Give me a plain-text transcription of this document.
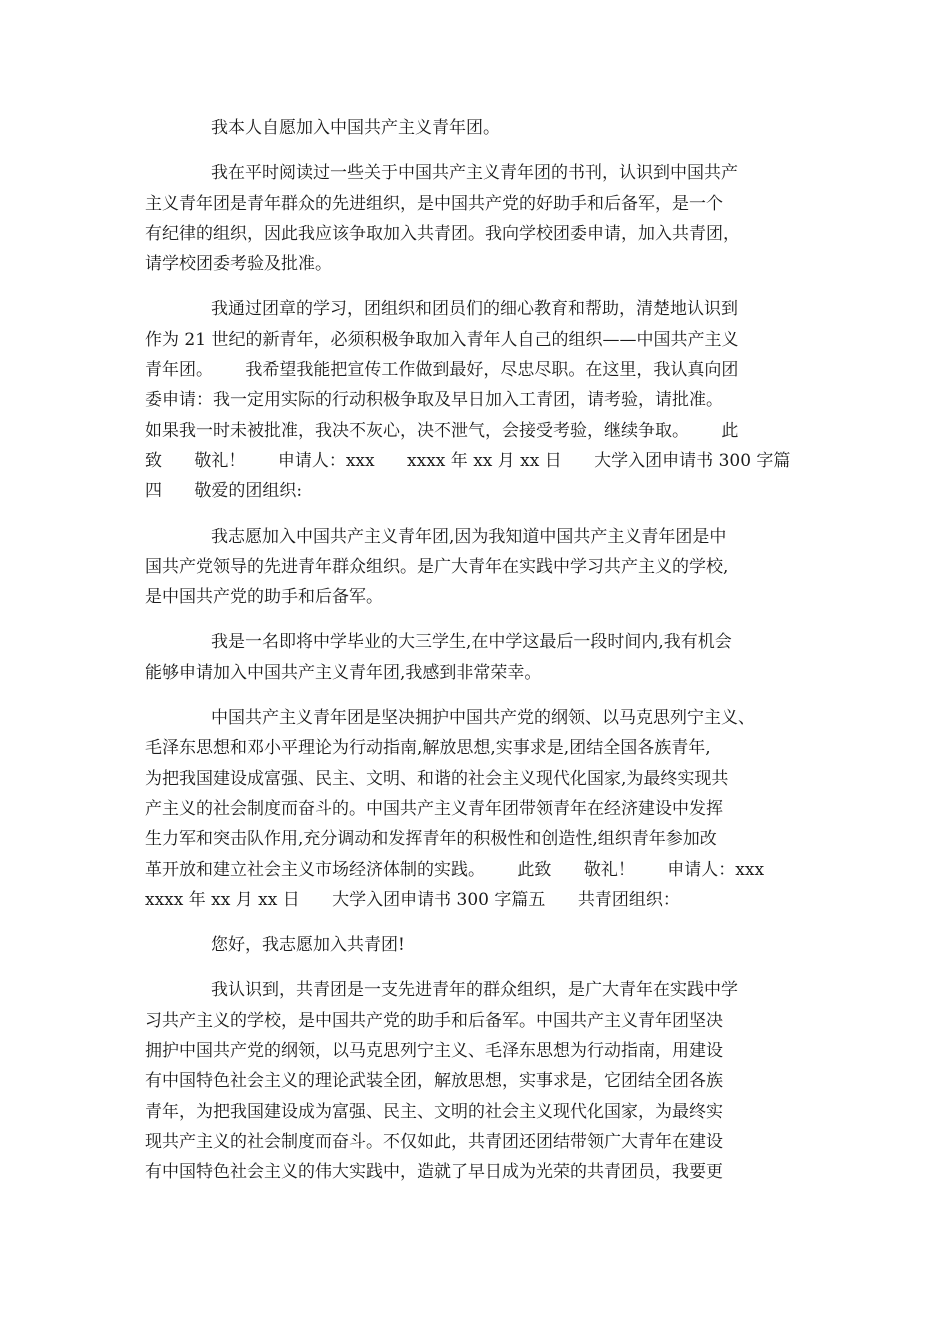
我本人自愿加入中国共产主义青年团。

我在平时阅读过一些关于中国共产主义青年团的书刊，认识到中国共产
主义青年团是青年群众的先进组织，是中国共产党的好助手和后备军，是一个
有纪律的组织，因此我应该争取加入共青团。我向学校团委申请，加入共青团，
请学校团委考验及批准。

我通过团章的学习，团组织和团员们的细心教育和帮助，清楚地认识到
作为 21 世纪的新青年，必须积极争取加入青年人自己的组织——中国共产主义
青年团。      我希望我能把宣传工作做到最好，尽忠尽职。在这里，我认真向团
委申请：我一定用实际的行动积极争取及早日加入工青团，请考验，请批准。
如果我一时未被批准，我决不灰心，决不泄气，会接受考验，继续争取。      此
致      敬礼！      申请人：xxx      xxxx 年 xx 月 xx 日      大学入团申请书 300 字篇
四      敬爱的团组织:

我志愿加入中国共产主义青年团,因为我知道中国共产主义青年团是中
国共产党领导的先进青年群众组织。是广大青年在实践中学习共产主义的学校,
是中国共产党的助手和后备军。

我是一名即将中学毕业的大三学生,在中学这最后一段时间内,我有机会
能够申请加入中国共产主义青年团,我感到非常荣幸。

中国共产主义青年团是坚决拥护中国共产党的纲领、以马克思列宁主义、
毛泽东思想和邓小平理论为行动指南,解放思想,实事求是,团结全国各族青年,
为把我国建设成富强、民主、文明、和谐的社会主义现代化国家,为最终实现共
产主义的社会制度而奋斗的。中国共产主义青年团带领青年在经济建设中发挥
生力军和突击队作用,充分调动和发挥青年的积极性和创造性,组织青年参加改
革开放和建立社会主义市场经济体制的实践。      此致      敬礼！      申请人：xxx
xxxx 年 xx 月 xx 日      大学入团申请书 300 字篇五      共青团组织：

您好，我志愿加入共青团!

我认识到，共青团是一支先进青年的群众组织，是广大青年在实践中学
习共产主义的学校，是中国共产党的助手和后备军。中国共产主义青年团坚决
拥护中国共产党的纲领，以马克思列宁主义、毛泽东思想为行动指南，用建设
有中国特色社会主义的理论武装全团，解放思想，实事求是，它团结全团各族
青年，为把我国建设成为富强、民主、文明的社会主义现代化国家，为最终实
现共产主义的社会制度而奋斗。不仅如此，共青团还团结带领广大青年在建设
有中国特色社会主义的伟大实践中，造就了早日成为光荣的共青团员，我要更
